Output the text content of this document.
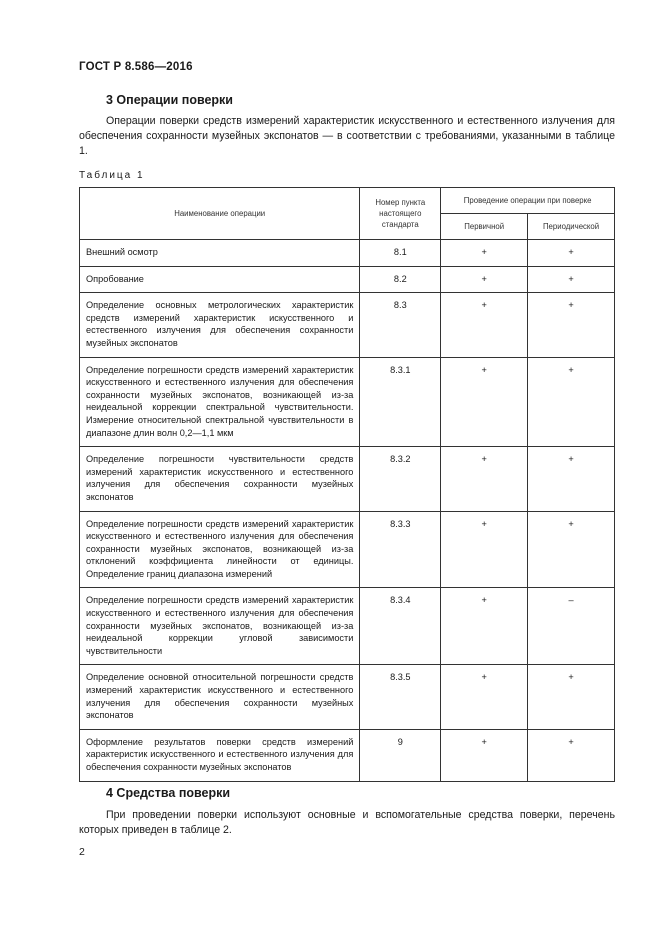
ГОСТ Р 8.586—2016
3 Операции поверки
Операции поверки средств измерений характеристик искусственного и естественного излучения для обеспечения сохранности музейных экспонатов — в соответствии с требованиями, указанными в таблице 1.
Таблица 1
Наименование операции	Номер пункта настоящего стандарта	Проведение операции при поверке	
		Первичной	Периодической
Внешний осмотр	8.1	+	+
Опробование	8.2	+	+
Определение основных метрологических характеристик средств измерений характеристик искусственного и естественного излучения для обеспечения сохранности музейных экспонатов	8.3	+	+
Определение погрешности средств измерений характеристик искусственного и естественного излучения для обеспечения сохранности музейных экспонатов, возникающей из-за неидеальной коррекции спектральной чувствительности. Измерение относительной спектральной чувствительности в диапазоне длин волн 0,2—1,1 мкм	8.3.1	+	+
Определение погрешности чувствительности средств измерений характеристик искусственного и естественного излучения для обеспечения сохранности музейных экспонатов	8.3.2	+	+
Определение погрешности средств измерений характеристик искусственного и естественного излучения для обеспечения сохранности музейных экспонатов, возникающей из-за отклонений коэффициента линейности от единицы. Определение границ диапазона измерений	8.3.3	+	+
Определение погрешности средств измерений характеристик искусственного и естественного излучения для обеспечения сохранности музейных экспонатов, возникающей из-за неидеальной коррекции угловой зависимости чувствительности	8.3.4	+	–
Определение основной относительной погрешности средств измерений характеристик искусственного и естественного излучения для обеспечения сохранности музейных экспонатов	8.3.5	+	+
Оформление результатов поверки средств измерений характеристик искусственного и естественного излучения для обеспечения сохранности музейных экспонатов	9	+	+
4 Средства поверки
При проведении поверки используют основные и вспомогательные средства поверки, перечень которых приведен в таблице 2.
2
